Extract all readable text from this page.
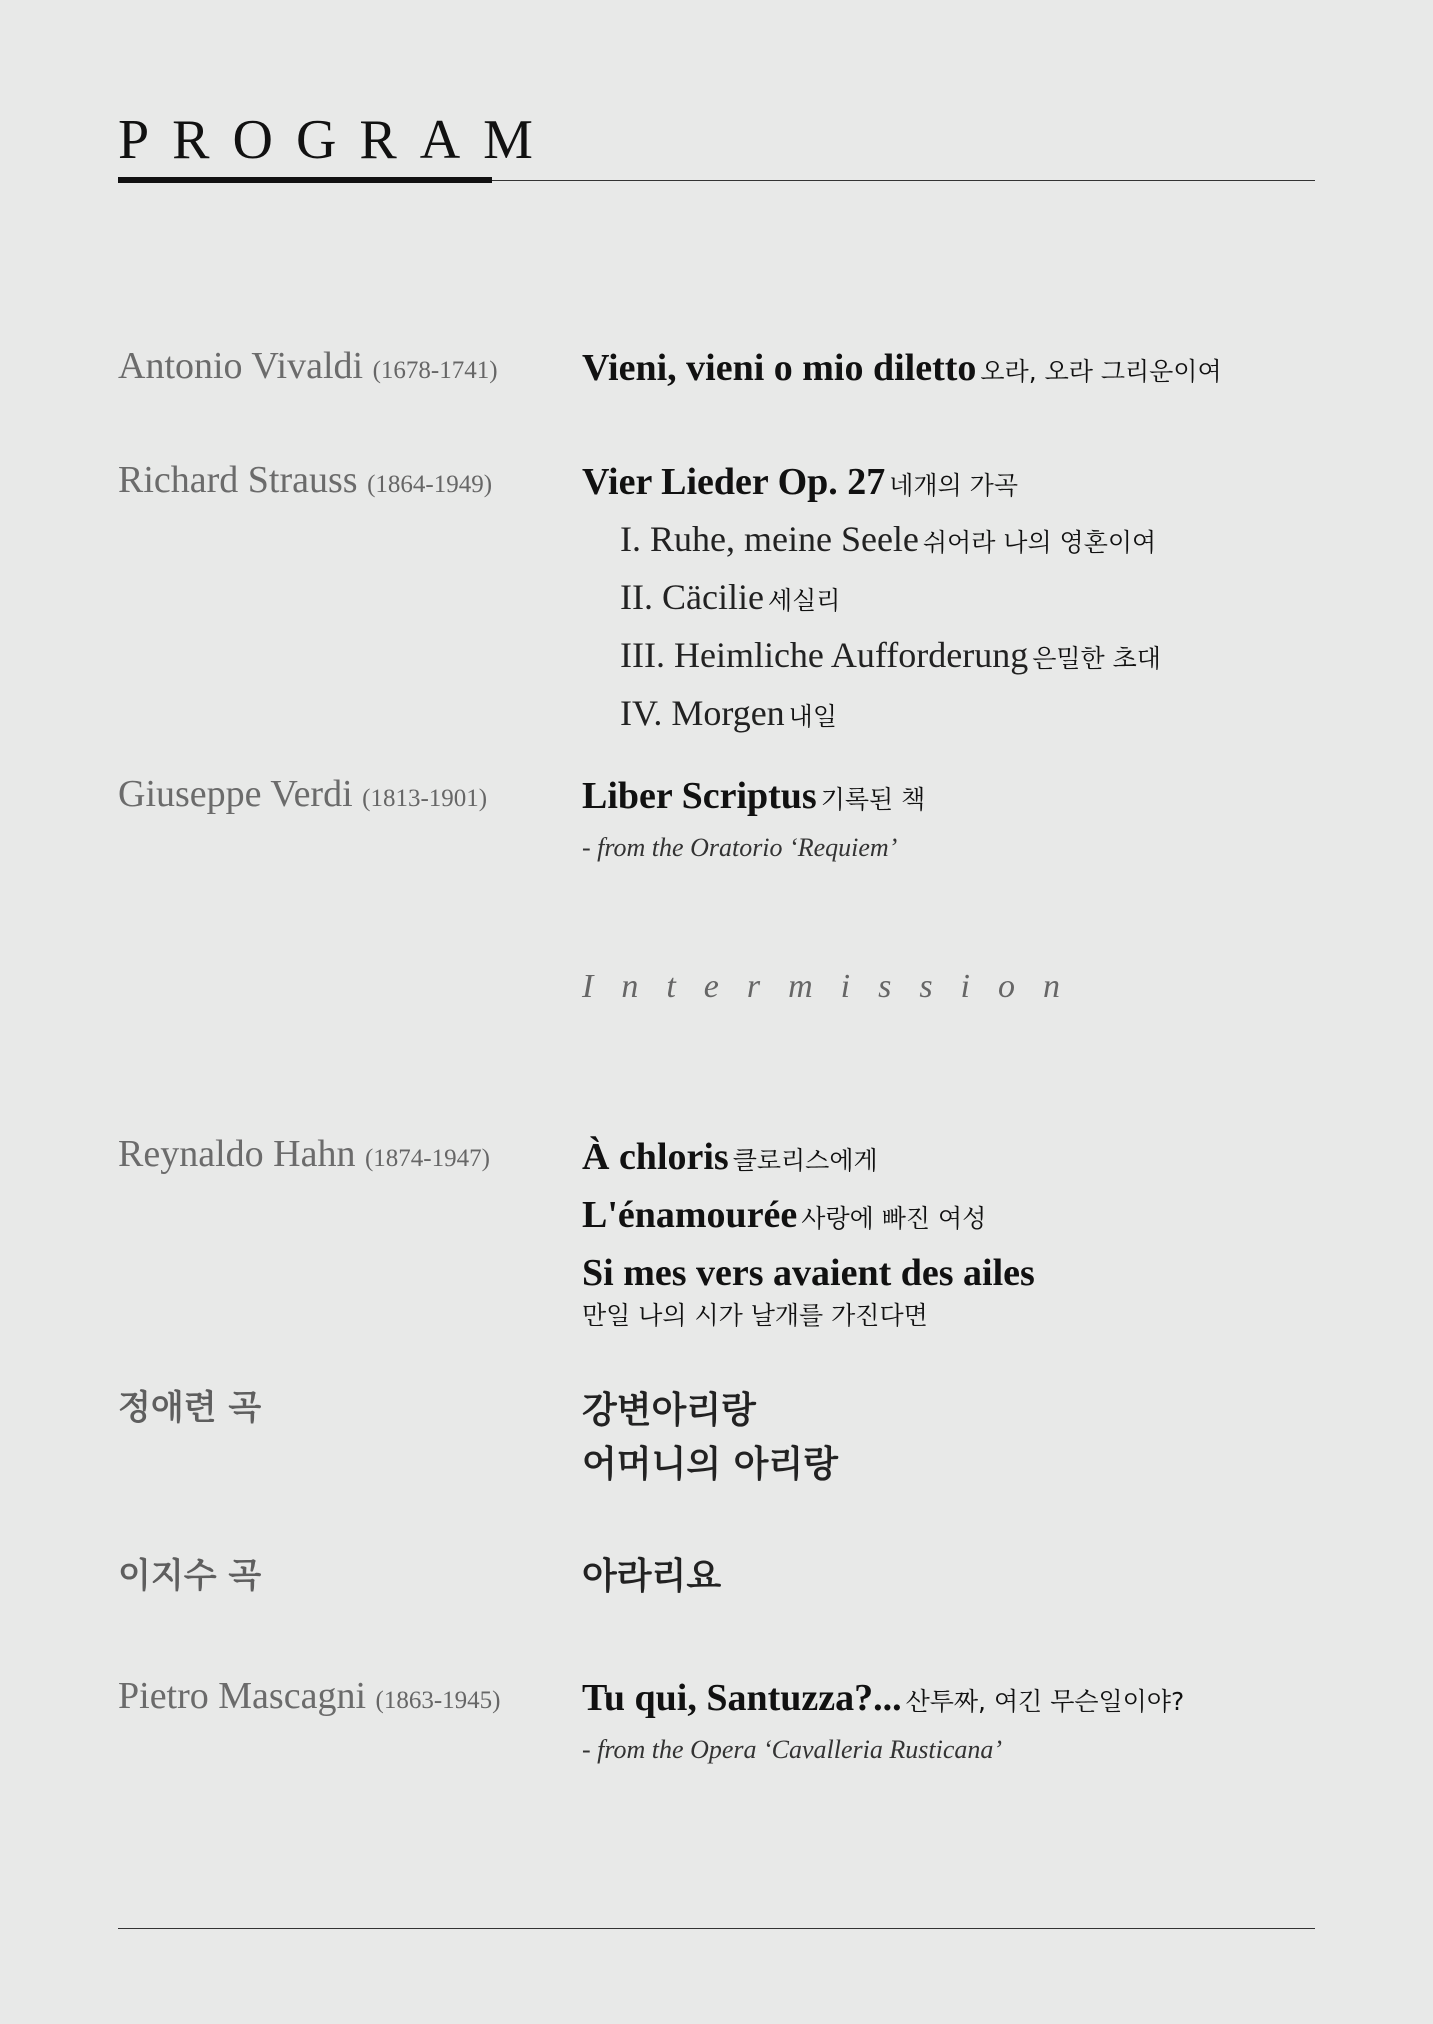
PROGRAM
Antonio Vivaldi (1678-1741) Vieni, vieni o mio diletto 오라, 오라 그리운이여
Richard Strauss (1864-1949) Vier Lieder Op. 27 네개의 가곡
I. Ruhe, meine Seele 쉬어라 나의 영혼이여
II. Cäcilie 세실리
III. Heimliche Aufforderung 은밀한 초대
IV. Morgen 내일
Giuseppe Verdi (1813-1901) Liber Scriptus 기록된 책
- from the Oratorio ‘Requiem’
Intermission
Reynaldo Hahn (1874-1947) À chloris 클로리스에게
L'énamourée 사랑에 빠진 여성
Si mes vers avaient des ailes
만일 나의 시가 날개를 가진다면
정애련 곡	강변아리랑
어머니의 아리랑
이지수 곡	아라리요
Pietro Mascagni (1863-1945) Tu qui, Santuzza?... 산투짜, 여긴 무슨일이야?
- from the Opera ‘Cavalleria Rusticana’
